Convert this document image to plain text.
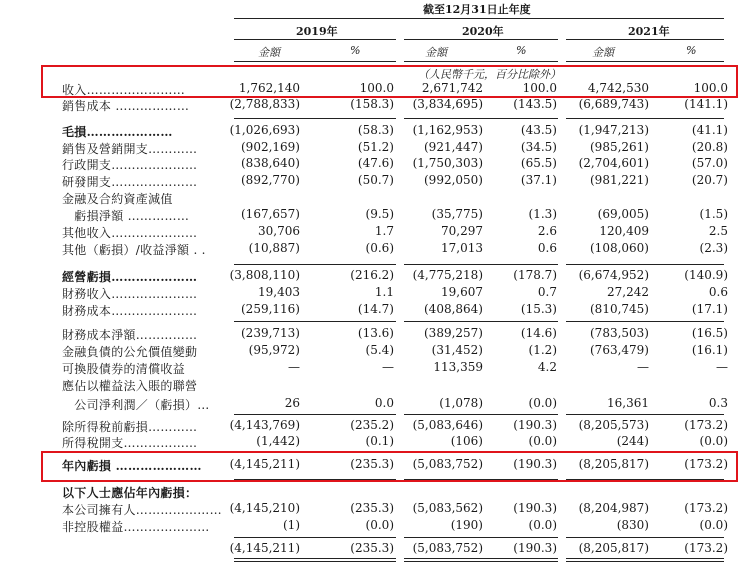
截至12月31日止年度
2019年	2020年	2021年
金額	%	金額	%	金額	%
（人民幣千元，百分比除外）
收入……………………	1,762,140	100.0 2,671,742	100.0	4,742,530	100.0
銷售成本 ………………	(2,788,833)	(158.3) (3,834,695)	(143.5) (6,689,743)	(141.1)
毛損…………………	(1,026,693)	(58.3) (1,162,953)	(43.5) (1,947,213)	(41.1)
銷售及營銷開支…………	(902,169)	(51.2)	(921,447)	(34.5)	(985,261)	(20.8)
行政開支…………………	(838,640)	(47.6) (1,750,303)	(65.5) (2,704,601)	(57.0)
研發開支…………………	(892,770)	(50.7)	(992,050)	(37.1)	(981,221)	(20.7)
金融及合約資產減值
　虧損淨額 ……………	(167,657)	(9.5)	(35,775)	(1.3)	(69,005)	(1.5)
其他收入…………………	30,706	1.7	70,297	2.6	120,409	2.5
其他（虧損）/收益淨額 . .	(10,887)	(0.6)	17,013	0.6	(108,060)	(2.3)
經營虧損…………………	(3,808,110)	(216.2) (4,775,218)	(178.7) (6,674,952)	(140.9)
財務收入…………………	19,403	1.1	19,607	0.7	27,242	0.6
財務成本…………………	(259,116)	(14.7)	(408,864)	(15.3)	(810,745)	(17.1)
財務成本淨額……………	(239,713)	(13.6)	(389,257)	(14.6)	(783,503)	(16.5)
金融負債的公允價值變動	(95,972)	(5.4)	(31,452)	(1.2)	(763,479)	(16.1)
可換股債券的清償收益	—	—	113,359	4.2	—	—
應佔以權益法入賬的聯營
　公司淨利潤／（虧損）…	26	0.0	(1,078)	(0.0)	16,361	0.3
除所得稅前虧損…………	(4,143,769)	(235.2) (5,083,646)	(190.3) (8,205,573)	(173.2)
所得稅開支………………	(1,442)	(0.1)	(106)	(0.0)	(244)	(0.0)
年內虧損 ………………… (4,145,211)	(235.3) (5,083,752)	(190.3) (8,205,817)	(173.2)
以下人士應佔年內虧損：
本公司擁有人………………… (4,145,210)	(235.3) (5,083,562)	(190.3) (8,204,987)	(173.2)
非控股權益…………………	(1)	(0.0)	(190)	(0.0)	(830)	(0.0)
(4,145,211)	(235.3) (5,083,752)	(190.3) (8,205,817)	(173.2)
